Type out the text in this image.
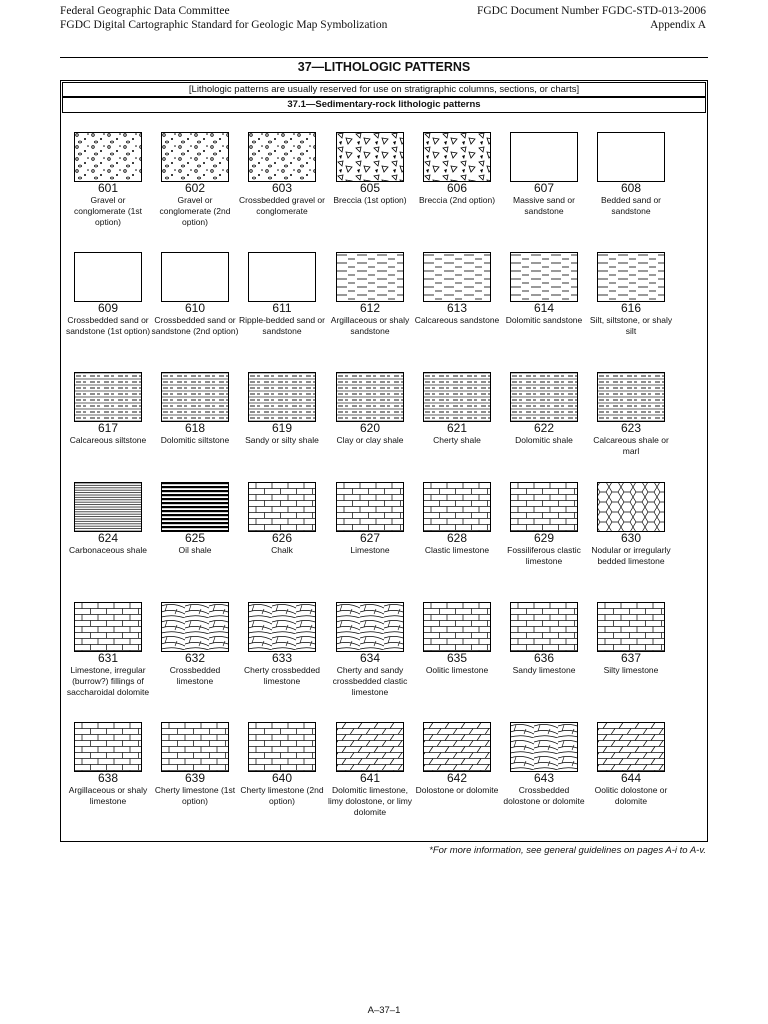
Federal Geographic Data Committee
FGDC Digital Cartographic Standard for Geologic Map Symbolization
FGDC Document Number FGDC-STD-013-2006
Appendix A
37—LITHOLOGIC PATTERNS
[Lithologic patterns are usually reserved for use on stratigraphic columns, sections, or charts]
37.1—Sedimentary-rock lithologic patterns
601
Gravel or conglomerate (1st option)
602
Gravel or conglomerate (2nd option)
603
Crossbedded gravel or conglomerate
605
Breccia (1st option)
606
Breccia (2nd option)
607
Massive sand or sandstone
608
Bedded sand or sandstone
609
Crossbedded sand or sandstone (1st option)
610
Crossbedded sand or sandstone (2nd option)
611
Ripple-bedded sand or sandstone
612
Argillaceous or shaly sandstone
613
Calcareous sandstone
614
Dolomitic sandstone
616
Silt, siltstone, or shaly silt
617
Calcareous siltstone
618
Dolomitic siltstone
619
Sandy or silty shale
620
Clay or clay shale
621
Cherty shale
622
Dolomitic shale
623
Calcareous shale or marl
624
Carbonaceous shale
625
Oil shale
626
Chalk
627
Limestone
628
Clastic limestone
629
Fossiliferous clastic limestone
630
Nodular or irregularly bedded limestone
631
Limestone, irregular (burrow?) fillings of saccharoidal dolomite
632
Crossbedded limestone
633
Cherty crossbedded limestone
634
Cherty and sandy crossbedded clastic limestone
635
Oolitic limestone
636
Sandy limestone
637
Silty limestone
638
Argillaceous or shaly limestone
639
Cherty limestone (1st option)
640
Cherty limestone (2nd option)
641
Dolomitic limestone, limy dolostone, or limy dolomite
642
Dolostone or dolomite
643
Crossbedded dolostone or dolomite
644
Oolitic dolostone or dolomite
*For more information, see general guidelines on pages A-i to A-v.
A–37–1
